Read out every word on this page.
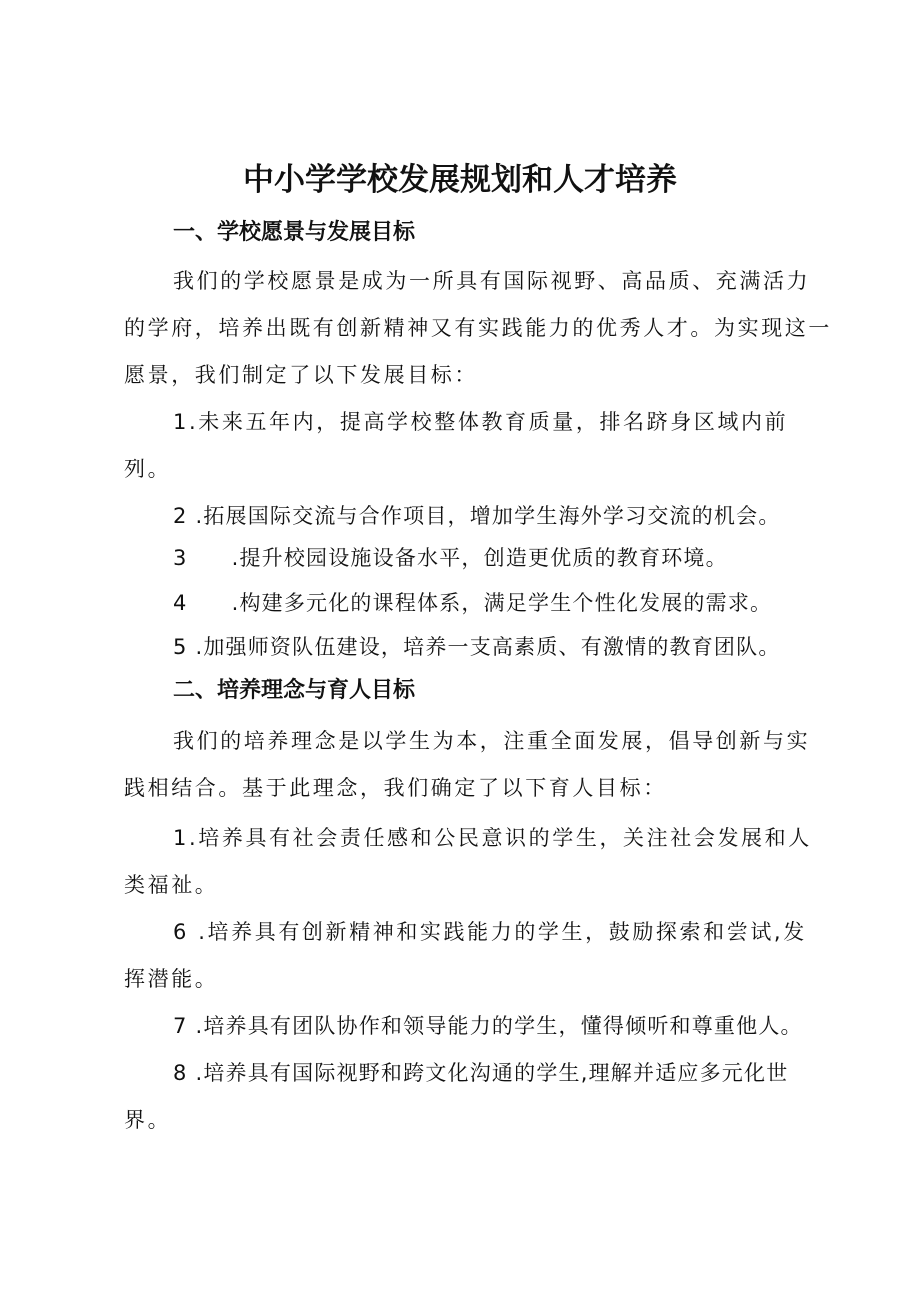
中小学学校发展规划和人才培养
一、学校愿景与发展目标
我们的学校愿景是成为一所具有国际视野、高品质、充满活力
的学府，培养出既有创新精神又有实践能力的优秀人才。为实现这一
愿景，我们制定了以下发展目标：
1.未来五年内，提高学校整体教育质量，排名跻身区域内前
列。
2 .拓展国际交流与合作项目，增加学生海外学习交流的机会。
3 .提升校园设施设备水平，创造更优质的教育环境。
4 .构建多元化的课程体系，满足学生个性化发展的需求。
5 .加强师资队伍建设，培养一支高素质、有激情的教育团队。
二、培养理念与育人目标
我们的培养理念是以学生为本，注重全面发展，倡导创新与实
践相结合。基于此理念，我们确定了以下育人目标：
1.培养具有社会责任感和公民意识的学生，关注社会发展和人
类福祉。
6 .培养具有创新精神和实践能力的学生，鼓励探索和尝试,发
挥潜能。
7 .培养具有团队协作和领导能力的学生，懂得倾听和尊重他人。
8 .培养具有国际视野和跨文化沟通的学生,理解并适应多元化世
界。
